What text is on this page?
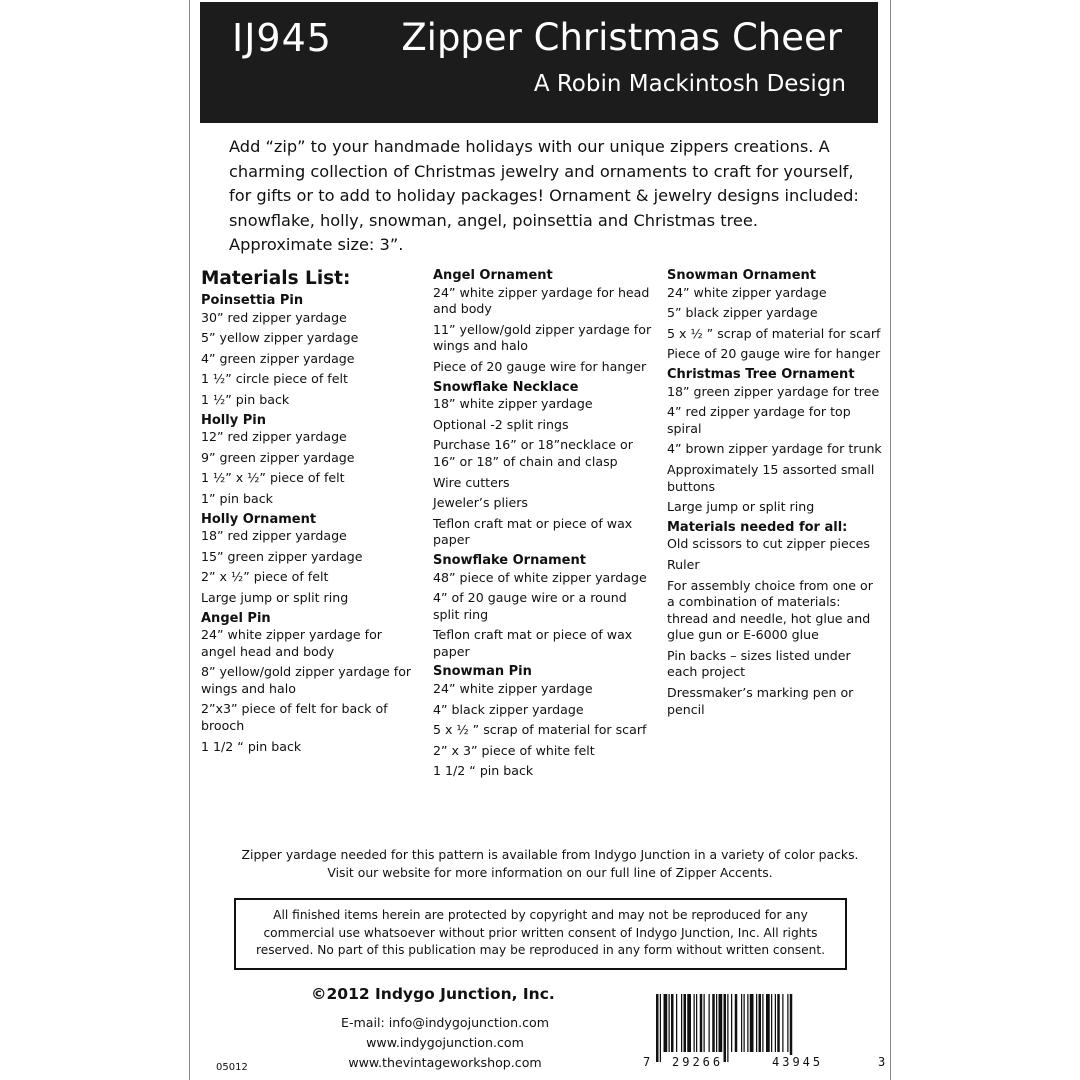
IJ945 Zipper Christmas Cheer
A Robin Mackintosh Design
Add “zip” to your handmade holidays with our unique zippers creations. A charming collection of Christmas jewelry and ornaments to craft for yourself, for gifts or to add to holiday packages! Ornament & jewelry designs included: snowflake, holly, snowman, angel, poinsettia and Christmas tree. Approximate size: 3”.
Materials List:
Poinsettia Pin
30” red zipper yardage
5” yellow zipper yardage
4” green zipper yardage
1 ½” circle piece of felt
1 ½” pin back
Holly Pin
12” red zipper yardage
9” green zipper yardage
1 ½” x ½” piece of felt
1” pin back
Holly Ornament
18” red zipper yardage
15” green zipper yardage
2” x ½” piece of felt
Large jump or split ring
Angel Pin
24” white zipper yardage for angel head and body
8” yellow/gold zipper yardage for wings and halo
2”x3” piece of felt for back of brooch
1 1/2 “ pin back
Angel Ornament
24” white zipper yardage for head and body
11” yellow/gold zipper yardage for wings and halo
Piece of 20 gauge wire for hanger
Snowflake Necklace
18” white zipper yardage
Optional -2 split rings
Purchase 16” or 18”necklace or 16” or 18” of chain and clasp
Wire cutters
Jeweler’s pliers
Teflon craft mat or piece of wax paper
Snowflake Ornament
48” piece of white zipper yardage
4” of 20 gauge wire or a round split ring
Teflon craft mat or piece of wax paper
Snowman Pin
24” white zipper yardage
4” black zipper yardage
5 x ½ ” scrap of material for scarf
2” x 3” piece of white felt
1 1/2 “ pin back
Snowman Ornament
24” white zipper yardage
5” black zipper yardage
5 x ½ ” scrap of material for scarf
Piece of 20 gauge wire for hanger
Christmas Tree Ornament
18” green zipper yardage for tree
4” red zipper yardage for top spiral
4” brown zipper yardage for trunk
Approximately 15 assorted small buttons
Large jump or split ring
Materials needed for all:
Old scissors to cut zipper pieces
Ruler
For assembly choice from one or a combination of materials: thread and needle, hot glue and glue gun or E-6000 glue
Pin backs – sizes listed under each project
Dressmaker’s marking pen or pencil
Zipper yardage needed for this pattern is available from Indygo Junction in a variety of color packs. Visit our website for more information on our full line of Zipper Accents.
All finished items herein are protected by copyright and may not be reproduced for any commercial use whatsoever without prior written consent of Indygo Junction, Inc. All rights reserved. No part of this publication may be reproduced in any form without written consent.
©2012 Indygo Junction, Inc.
E-mail: info@indygojunction.com
www.indygojunction.com
www.thevintageworkshop.com
05012	7 29266	43945	3
